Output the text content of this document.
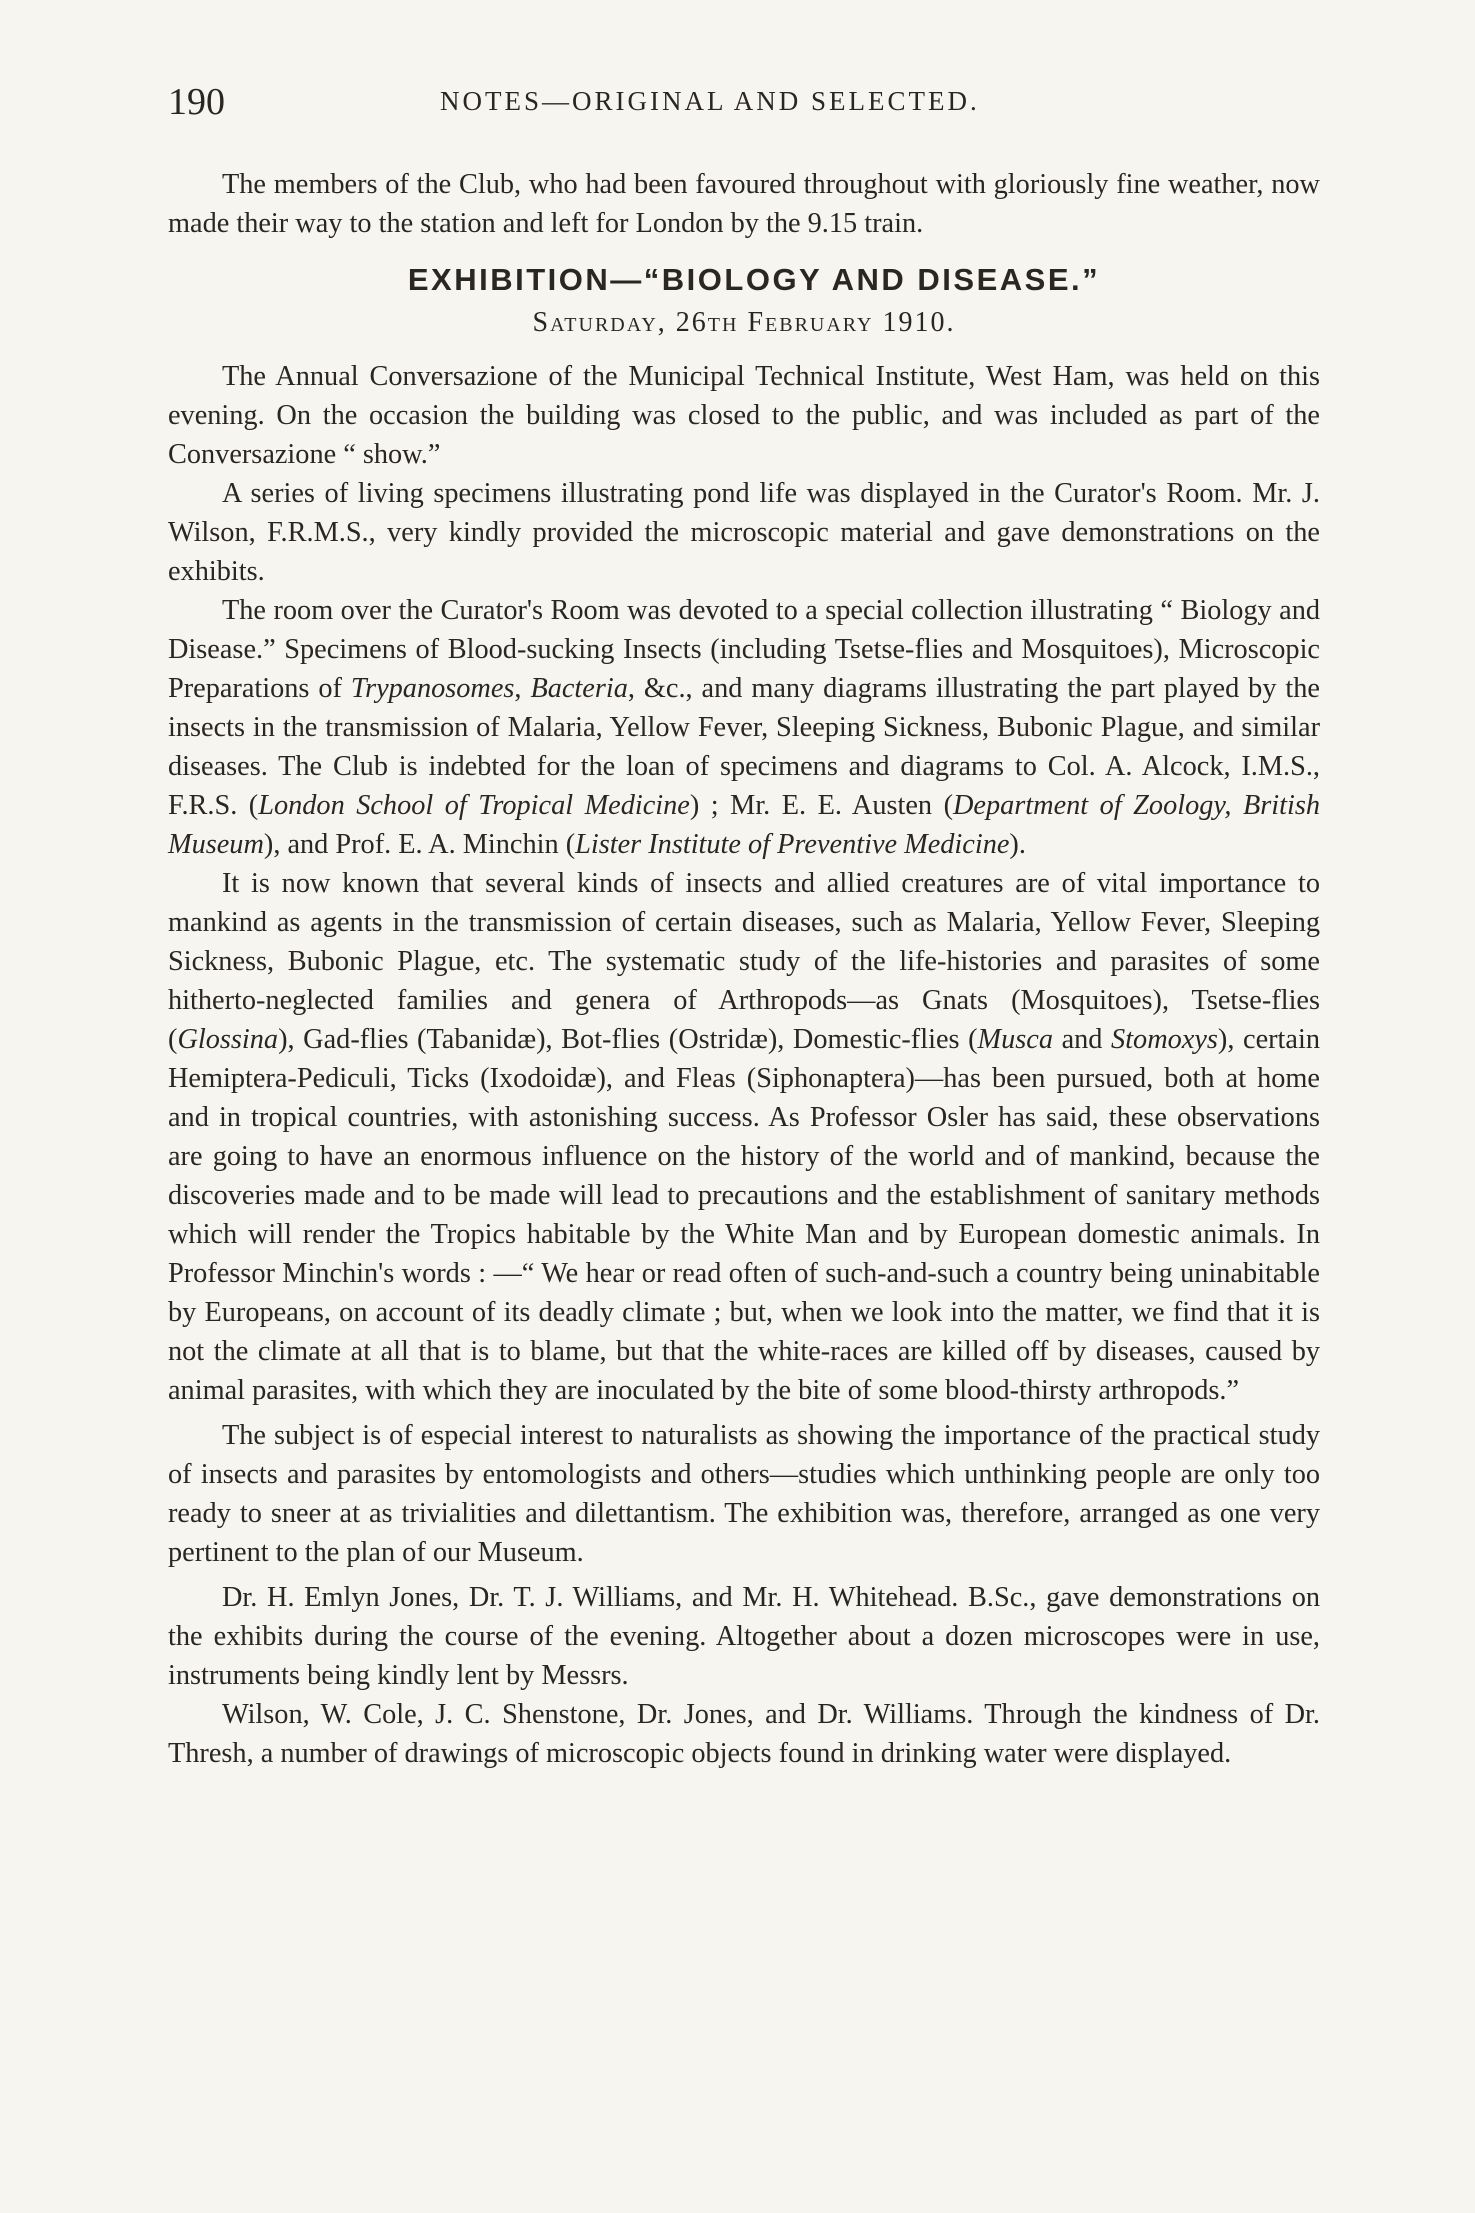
190	NOTES—ORIGINAL AND SELECTED.

The members of the Club, who had been favoured throughout with gloriously fine weather, now made their way to the station and left for London by the 9.15 train.

EXHIBITION—“BIOLOGY AND DISEASE.”
Saturday, 26th February 1910.

The Annual Conversazione of the Municipal Technical Institute, West Ham, was held on this evening. On the occasion the building was closed to the public, and was included as part of the Conversazione “ show.”

A series of living specimens illustrating pond life was displayed in the Curator's Room. Mr. J. Wilson, F.R.M.S., very kindly provided the microscopic material and gave demonstrations on the exhibits.

The room over the Curator's Room was devoted to a special collection illustrating “ Biology and Disease.” Specimens of Blood-sucking Insects (including Tsetse-flies and Mosquitoes), Microscopic Preparations of Trypanosomes, Bacteria, &c., and many diagrams illustrating the part played by the insects in the transmission of Malaria, Yellow Fever, Sleeping Sickness, Bubonic Plague, and similar diseases. The Club is indebted for the loan of specimens and diagrams to Col. A. Alcock, I.M.S., F.R.S. (London School of Tropical Medicine) ; Mr. E. E. Austen (Department of Zoology, British Museum), and Prof. E. A. Minchin (Lister Institute of Preventive Medicine).

It is now known that several kinds of insects and allied creatures are of vital importance to mankind as agents in the transmission of certain diseases, such as Malaria, Yellow Fever, Sleeping Sickness, Bubonic Plague, etc. The systematic study of the life-histories and parasites of some hitherto-neglected families and genera of Arthropods—as Gnats (Mosquitoes), Tsetse-flies (Glossina), Gad-flies (Tabanidæ), Bot-flies (Ostridæ), Domestic-flies (Musca and Stomoxys), certain Hemiptera-Pediculi, Ticks (Ixodoidæ), and Fleas (Siphonaptera)—has been pursued, both at home and in tropical countries, with astonishing success. As Professor Osler has said, these observations are going to have an enormous influence on the history of the world and of mankind, because the discoveries made and to be made will lead to precautions and the establishment of sanitary methods which will render the Tropics habitable by the White Man and by European domestic animals. In Professor Minchin's words : —“ We hear or read often of such-and-such a country being uninabitable by Europeans, on account of its deadly climate ; but, when we look into the matter, we find that it is not the climate at all that is to blame, but that the white-races are killed off by diseases, caused by animal parasites, with which they are inoculated by the bite of some blood-thirsty arthropods.”

The subject is of especial interest to naturalists as showing the importance of the practical study of insects and parasites by entomologists and others—studies which unthinking people are only too ready to sneer at as trivialities and dilettantism. The exhibition was, therefore, arranged as one very pertinent to the plan of our Museum.

Dr. H. Emlyn Jones, Dr. T. J. Williams, and Mr. H. Whitehead. B.Sc., gave demonstrations on the exhibits during the course of the evening. Altogether about a dozen microscopes were in use, instruments being kindly lent by Messrs.

Wilson, W. Cole, J. C. Shenstone, Dr. Jones, and Dr. Williams. Through the kindness of Dr. Thresh, a number of drawings of microscopic objects found in drinking water were displayed.
